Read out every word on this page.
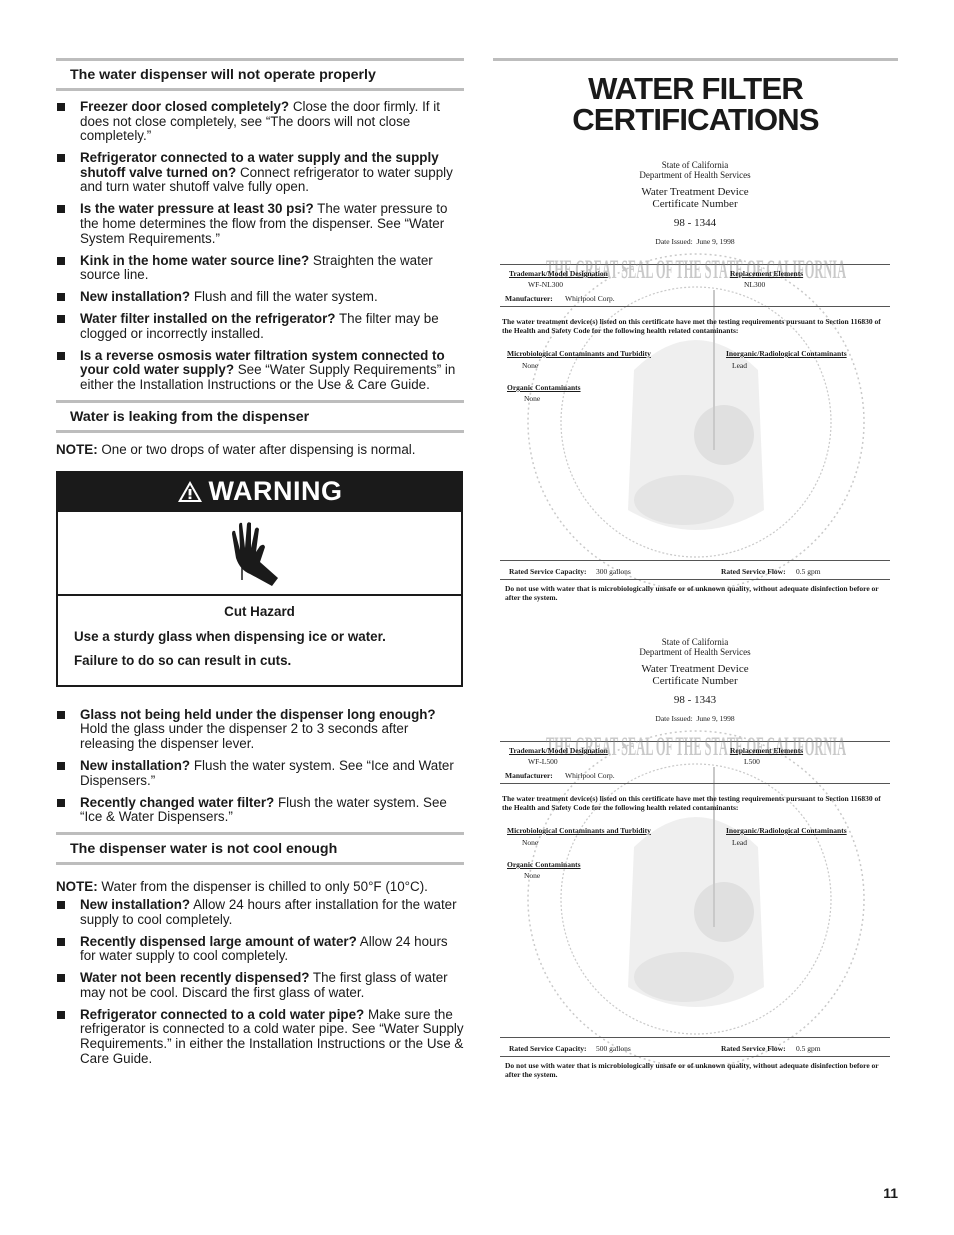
The water dispenser will not operate properly
Freezer door closed completely? Close the door firmly. If it does not close completely, see “The doors will not close completely.”
Refrigerator connected to a water supply and the supply shutoff valve turned on? Connect refrigerator to water supply and turn water shutoff valve fully open.
Is the water pressure at least 30 psi? The water pressure to the home determines the flow from the dispenser. See “Water System Requirements.”
Kink in the home water source line? Straighten the water source line.
New installation? Flush and fill the water system.
Water filter installed on the refrigerator? The filter may be clogged or incorrectly installed.
Is a reverse osmosis water filtration system connected to your cold water supply? See “Water Supply Requirements” in either the Installation Instructions or the Use & Care Guide.
Water is leaking from the dispenser

NOTE: One or two drops of water after dispensing is normal.

WARNING
Cut Hazard
Use a sturdy glass when dispensing ice or water.
Failure to do so can result in cuts.
Glass not being held under the dispenser long enough? Hold the glass under the dispenser 2 to 3 seconds after releasing the dispenser lever.
New installation? Flush the water system. See “Ice and Water Dispensers.”
Recently changed water filter? Flush the water system. See “Ice & Water Dispensers.”
The dispenser water is not cool enough

NOTE: Water from the dispenser is chilled to only 50°F (10°C).

New installation? Allow 24 hours after installation for the water supply to cool completely.
Recently dispensed large amount of water? Allow 24 hours for water supply to cool completely.
Water not been recently dispensed? The first glass of water may not be cool. Discard the first glass of water.
Refrigerator connected to a cold water pipe? Make sure the refrigerator is connected to a cold water pipe. See “Water Supply Requirements.” in either the Installation Instructions or the Use & Care Guide.
WATER FILTER
CERTIFICATIONS
THE GREAT SEAL OF THE STATE OF CALIFORNIA
State of California
Department of Health Services
Water Treatment Device
Certificate Number
98 - 1344
Date Issued: June 9, 1998
Trademark/Model Designation
WF-NL300
Replacement Elements
NL300
Manufacturer: Whirlpool Corp.
The water treatment device(s) listed on this certificate have met the testing requirements pursuant to Section 116830 of the Health and Safety Code for the following health related contaminants:
Microbiological Contaminants and Turbidity
None
Inorganic/Radiological Contaminants
Lead
Organic Contaminants
None
Rated Service Capacity: 300 gallons	Rated Service Flow: 0.5 gpm
Do not use with water that is microbiologically unsafe or of unknown quality, without adequate disinfection before or after the system.
THE GREAT SEAL OF THE STATE OF CALIFORNIA
State of California
Department of Health Services
Water Treatment Device
Certificate Number
98 - 1343
Date Issued: June 9, 1998
Trademark/Model Designation
WF-L500
Replacement Elements
L500
Manufacturer: Whirlpool Corp.
The water treatment device(s) listed on this certificate have met the testing requirements pursuant to Section 116830 of the Health and Safety Code for the following health related contaminants:
Microbiological Contaminants and Turbidity
None
Inorganic/Radiological Contaminants
Lead
Organic Contaminants
None
Rated Service Capacity: 500 gallons	Rated Service Flow: 0.5 gpm
Do not use with water that is microbiologically unsafe or of unknown quality, without adequate disinfection before or after the system.
11
